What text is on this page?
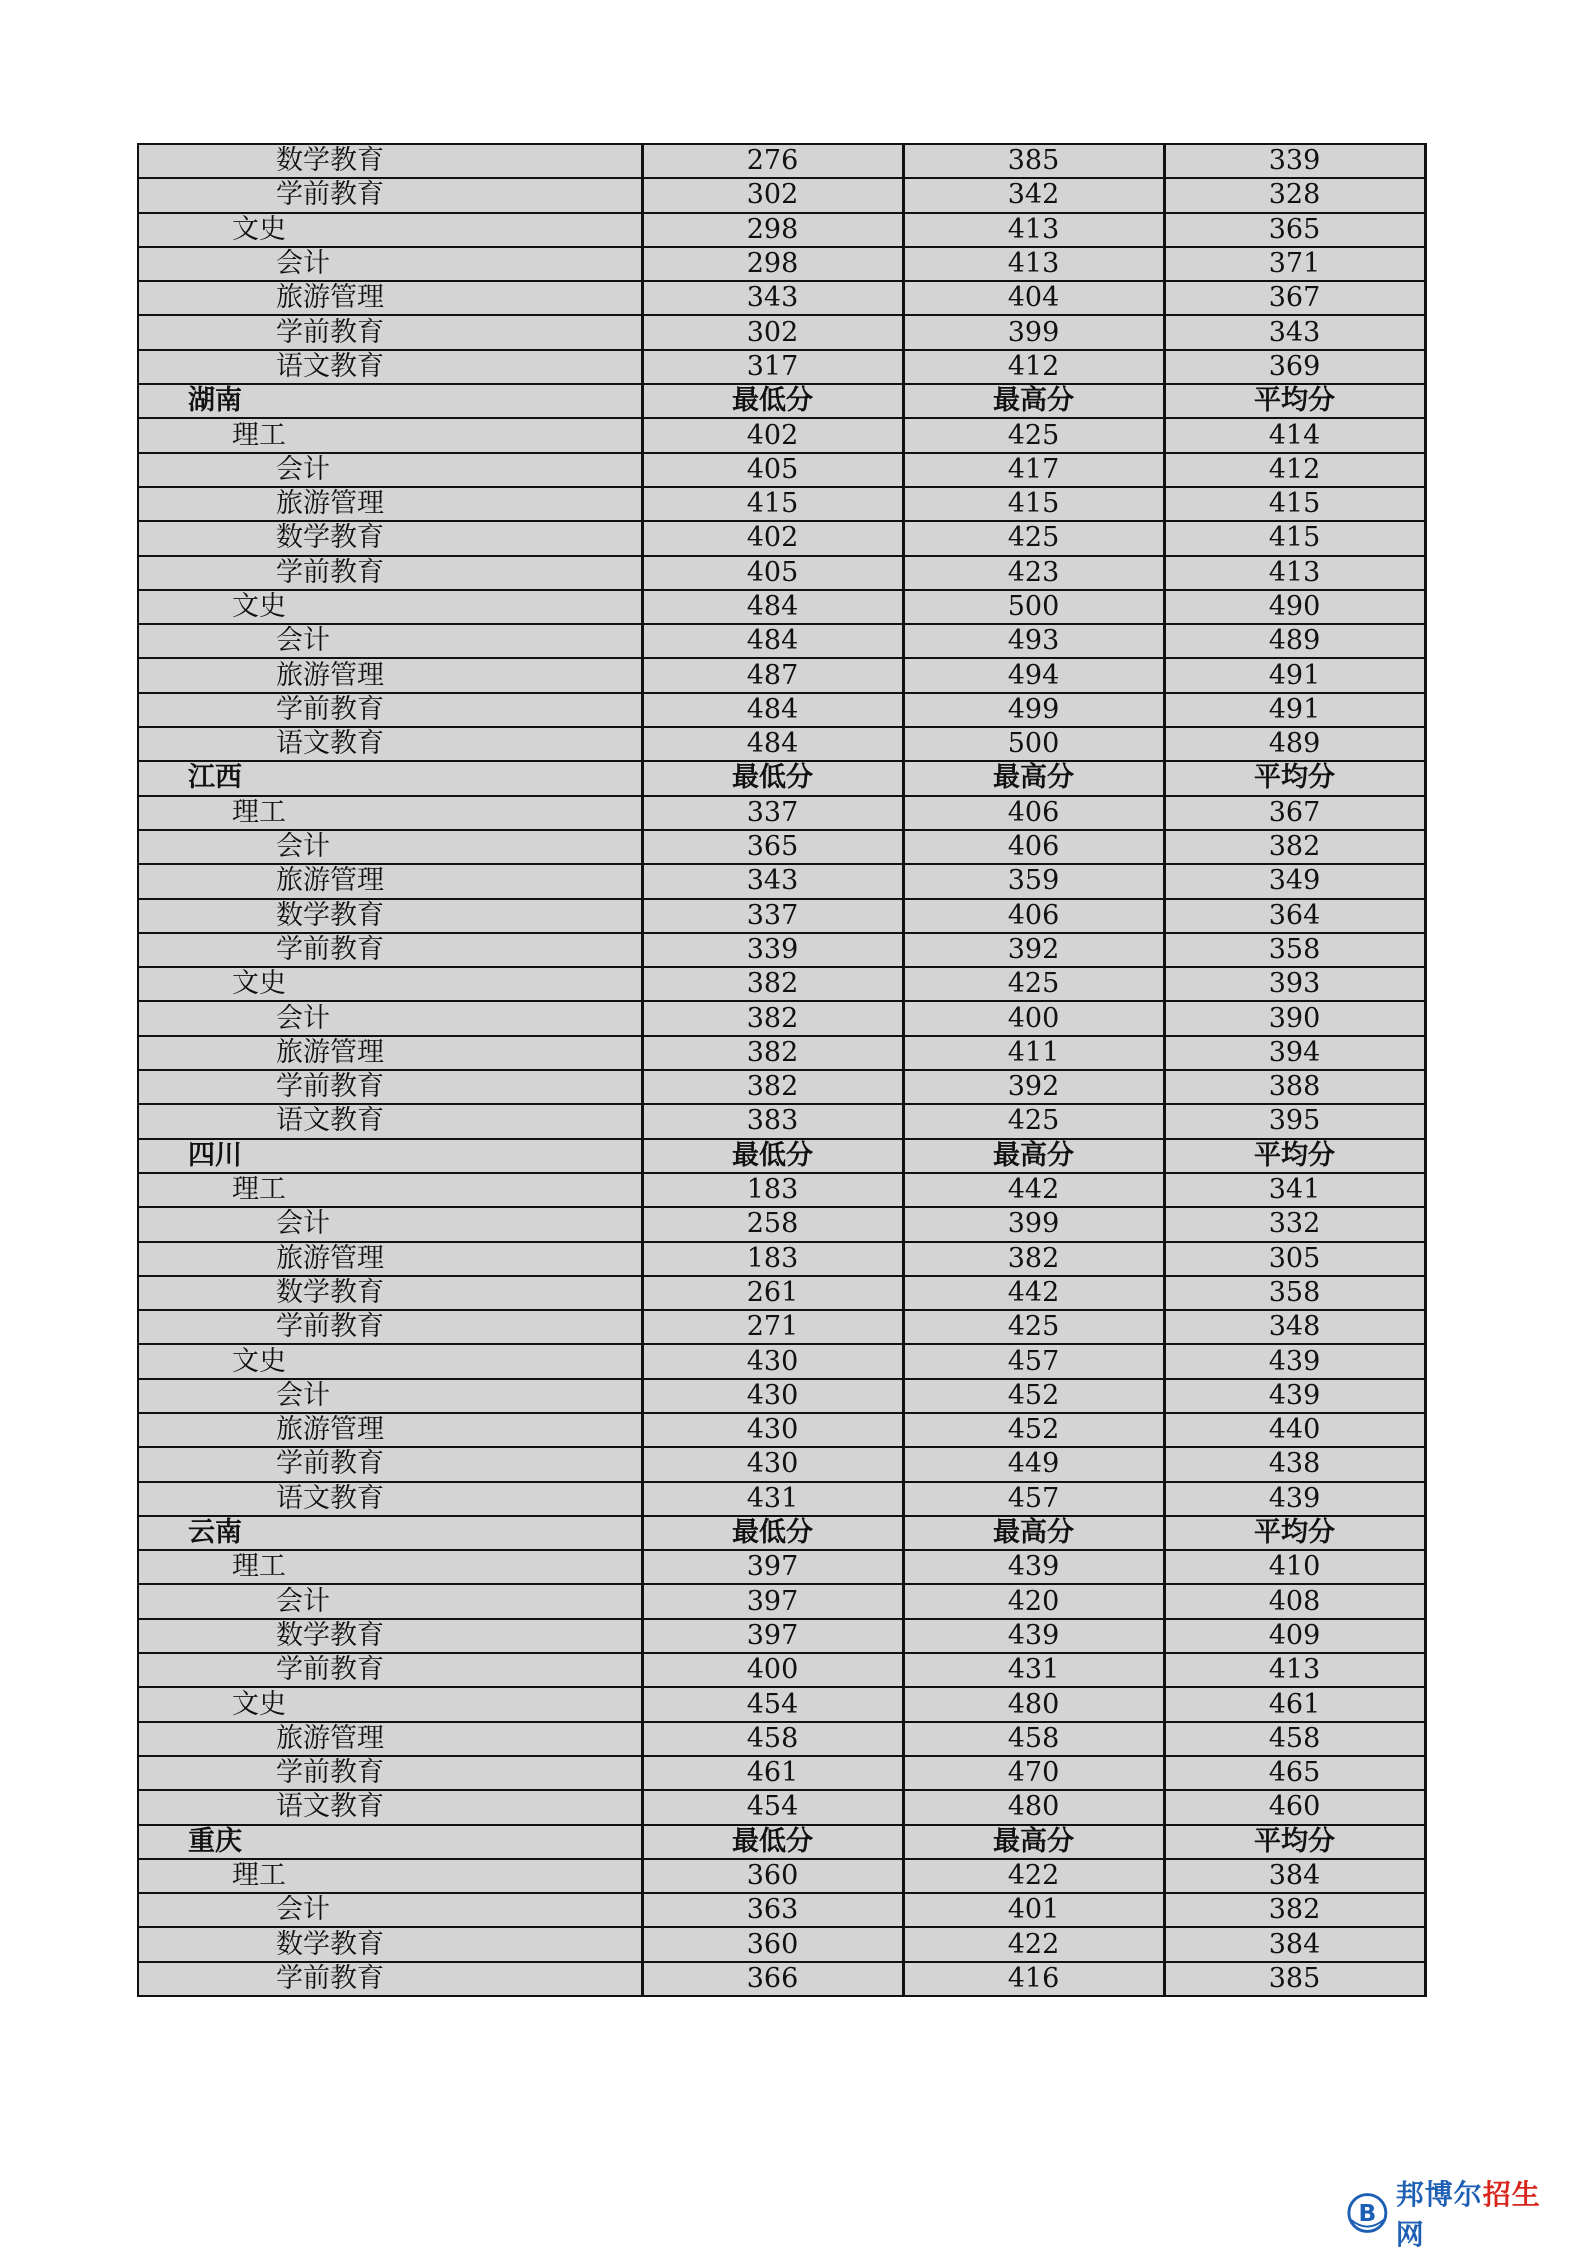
数学教育	276	385	339
学前教育	302	342	328
文史	298	413	365
会计	298	413	371
旅游管理	343	404	367
学前教育	302	399	343
语文教育	317	412	369
湖南	最低分	最高分	平均分
理工	402	425	414
会计	405	417	412
旅游管理	415	415	415
数学教育	402	425	415
学前教育	405	423	413
文史	484	500	490
会计	484	493	489
旅游管理	487	494	491
学前教育	484	499	491
语文教育	484	500	489
江西	最低分	最高分	平均分
理工	337	406	367
会计	365	406	382
旅游管理	343	359	349
数学教育	337	406	364
学前教育	339	392	358
文史	382	425	393
会计	382	400	390
旅游管理	382	411	394
学前教育	382	392	388
语文教育	383	425	395
四川	最低分	最高分	平均分
理工	183	442	341
会计	258	399	332
旅游管理	183	382	305
数学教育	261	442	358
学前教育	271	425	348
文史	430	457	439
会计	430	452	439
旅游管理	430	452	440
学前教育	430	449	438
语文教育	431	457	439
云南	最低分	最高分	平均分
理工	397	439	410
会计	397	420	408
数学教育	397	439	409
学前教育	400	431	413
文史	454	480	461
旅游管理	458	458	458
学前教育	461	470	465
语文教育	454	480	460
重庆	最低分	最高分	平均分
理工	360	422	384
会计	363	401	382
数学教育	360	422	384
学前教育	366	416	385
B
邦博尔招生网
